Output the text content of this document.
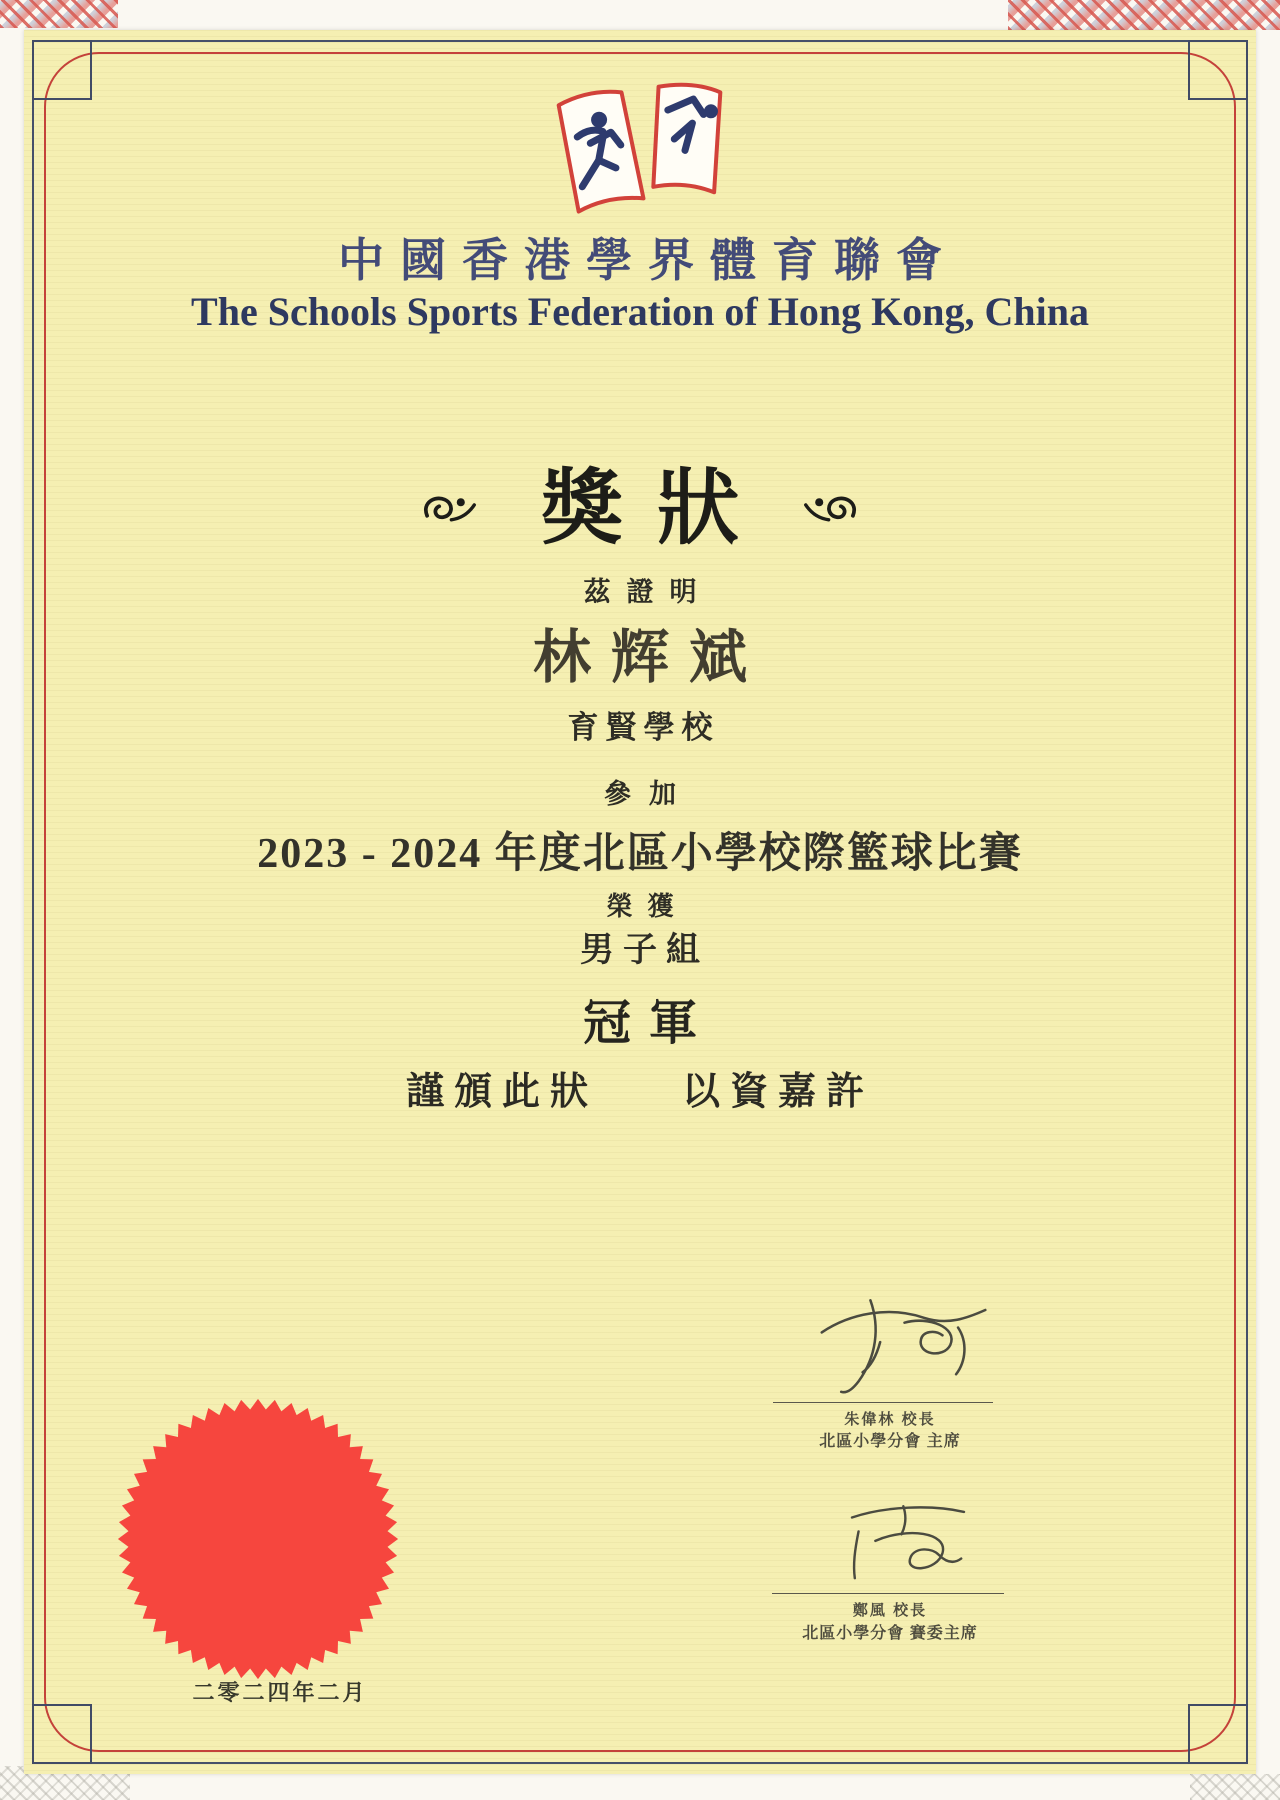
中國香港學界體育聯會
The Schools Sports Federation of Hong Kong, China
獎狀
茲證明
林辉斌
育賢學校
參加
2023 - 2024 年度北區小學校際籃球比賽
榮獲
男子組
冠軍
謹頒此狀 以資嘉許
朱偉林 校長
北區小學分會 主席
鄭風 校長
北區小學分會 賽委主席
二零二四年二月
